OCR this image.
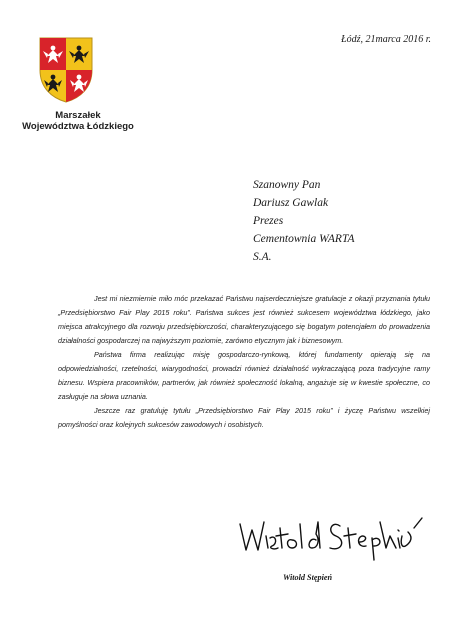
Marszałek
Województwa Łódzkiego
Łódź, 21marca 2016 r.
Szanowny Pan
Dariusz Gawlak
Prezes
Cementownia WARTA
S.A.

Jest mi niezmiernie miło móc przekazać Państwu najserdeczniejsze gratulacje z okazji przyznania tytułu „Przedsiębiorstwo Fair Play 2015 roku”. Państwa sukces jest również sukcesem województwa łódzkiego, jako miejsca atrakcyjnego dla rozwoju przedsiębiorczości, charakteryzującego się bogatym potencjałem do prowadzenia działalności gospodarczej na najwyższym poziomie, zarówno etycznym jak i biznesowym.

Państwa firma realizując misję gospodarczo-rynkową, której fundamenty opierają się na odpowiedzialności, rzetelności, wiarygodności, prowadzi również działalność wykraczającą poza tradycyjne ramy biznesu. Wspiera pracowników, partnerów, jak również społeczność lokalną, angażuje się w kwestie społeczne, co zasługuje na słowa uznania.

Jeszcze raz gratuluję tytułu „Przedsiębiorstwo Fair Play 2015 roku” i życzę Państwu wszelkiej pomyślności oraz kolejnych sukcesów zawodowych i osobistych.

Witold Stępień
